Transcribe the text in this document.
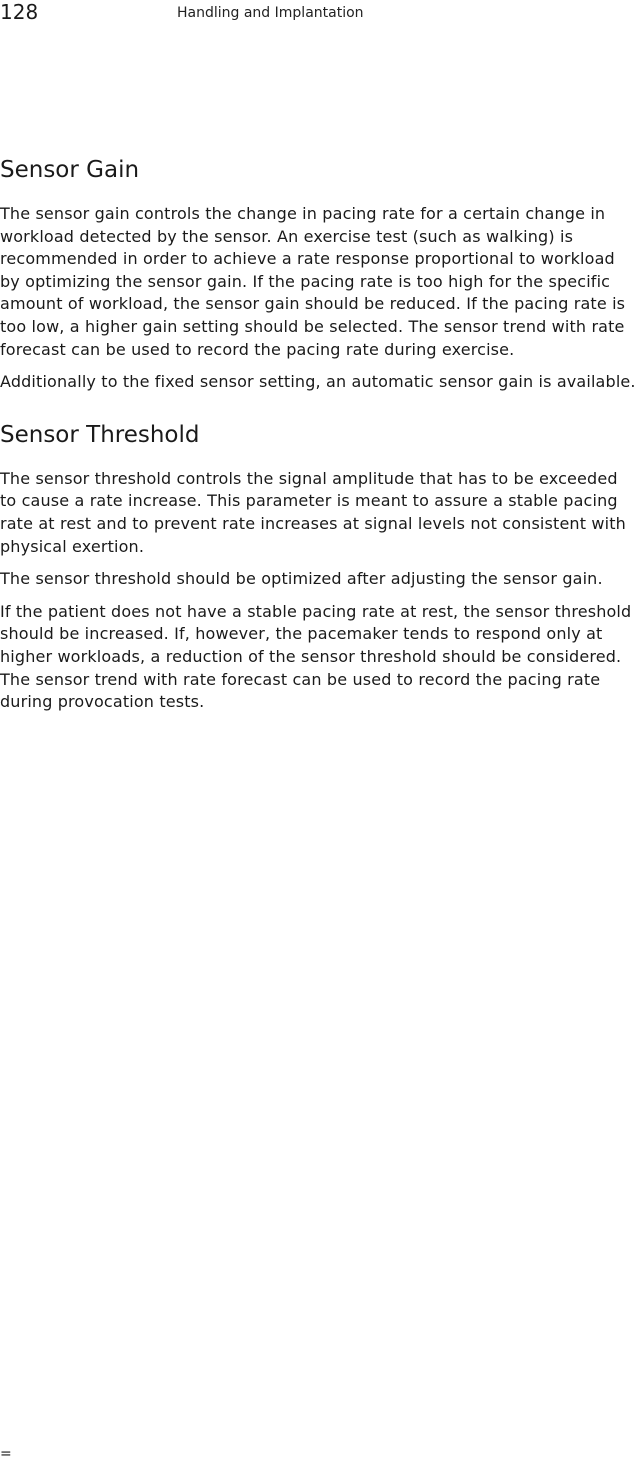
128	Handling and Implantation
Sensor Gain

The sensor gain controls the change in pacing rate for a certain change in workload detected by the sensor. An exercise test (such as walking) is recommended in order to achieve a rate response proportional to workload by optimizing the sensor gain. If the pacing rate is too high for the specific amount of workload, the sensor gain should be reduced. If the pacing rate is too low, a higher gain setting should be selected. The sensor trend with rate forecast can be used to record the pacing rate during exercise.

Additionally to the fixed sensor setting, an automatic sensor gain is available.

Sensor Threshold

The sensor threshold controls the signal amplitude that has to be exceeded to cause a rate increase. This parameter is meant to assure a stable pacing rate at rest and to prevent rate increases at signal levels not consistent with physical exertion.

The sensor threshold should be optimized after adjusting the sensor gain.

If the patient does not have a stable pacing rate at rest, the sensor threshold should be increased. If, however, the pacemaker tends to respond only at higher workloads, a reduction of the sensor threshold should be considered. The sensor trend with rate forecast can be used to record the pacing rate during provocation tests.

=
